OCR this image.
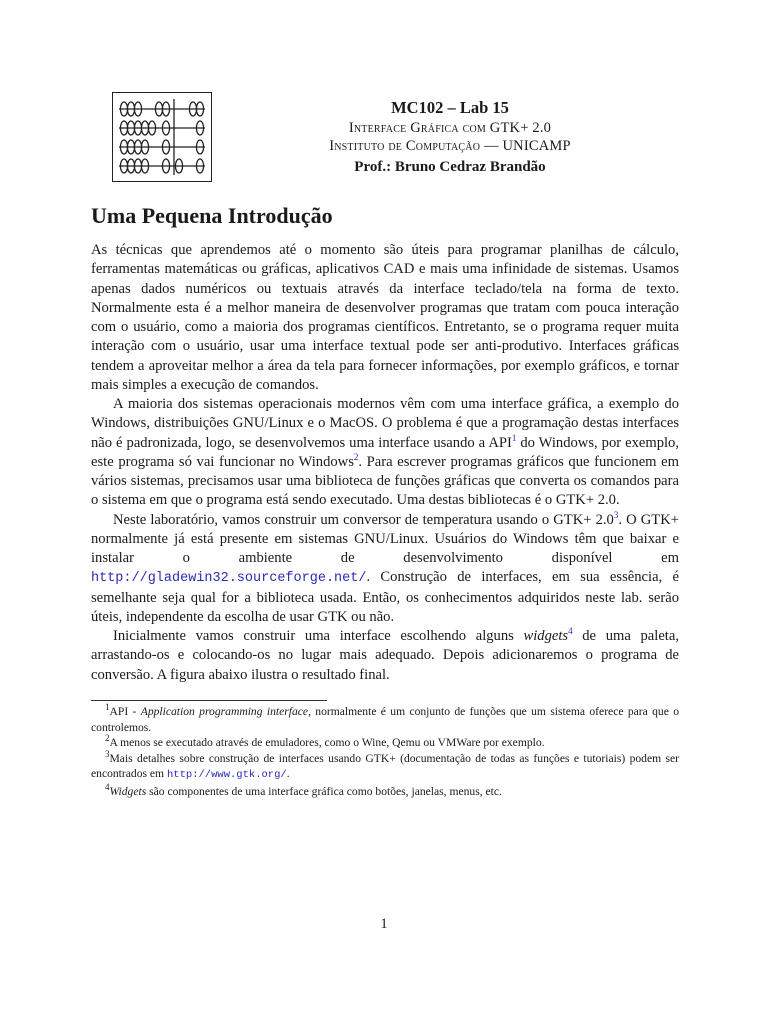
MC102 – Lab 15
Interface Gráfica com GTK+ 2.0
Instituto de Computação — UNICAMP
Prof.: Bruno Cedraz Brandão
Uma Pequena Introdução

As técnicas que aprendemos até o momento são úteis para programar planilhas de cálculo, ferramentas matemáticas ou gráficas, aplicativos CAD e mais uma infinidade de sistemas. Usamos apenas dados numéricos ou textuais através da interface teclado/tela na forma de texto. Normalmente esta é a melhor maneira de desenvolver programas que tratam com pouca interação com o usuário, como a maioria dos programas científicos. Entretanto, se o programa requer muita interação com o usuário, usar uma interface textual pode ser anti-produtivo. Interfaces gráficas tendem a aproveitar melhor a área da tela para fornecer informações, por exemplo gráficos, e tornar mais simples a execução de comandos.

A maioria dos sistemas operacionais modernos vêm com uma interface gráfica, a exemplo do Windows, distribuições GNU/Linux e o MacOS. O problema é que a programação destas interfaces não é padronizada, logo, se desenvolvemos uma interface usando a API$^1$ do Windows, por exemplo, este programa só vai funcionar no Windows$^2$. Para escrever programas gráficos que funcionem em vários sistemas, precisamos usar uma biblioteca de funções gráficas que converta os comandos para o sistema em que o programa está sendo executado. Uma destas bibliotecas é o GTK+ 2.0.

Neste laboratório, vamos construir um conversor de temperatura usando o GTK+ 2.0$^3$. O GTK+ normalmente já está presente em sistemas GNU/Linux. Usuários do Windows têm que baixar e instalar o ambiente de desenvolvimento disponível em http://gladewin32.sourceforge.net/. Construção de interfaces, em sua essência, é semelhante seja qual for a biblioteca usada. Então, os conhecimentos adquiridos neste lab. serão úteis, independente da escolha de usar GTK ou não.

Inicialmente vamos construir uma interface escolhendo alguns widgets$^4$ de uma paleta, arrastando-os e colocando-os no lugar mais adequado. Depois adicionaremos o programa de conversão. A figura abaixo ilustra o resultado final.

$^1$API - Application programming interface, normalmente é um conjunto de funções que um sistema oferece para que o controlemos.

$^2$A menos se executado através de emuladores, como o Wine, Qemu ou VMWare por exemplo.

$^3$Mais detalhes sobre construção de interfaces usando GTK+ (documentação de todas as funções e tutoriais) podem ser encontrados em http://www.gtk.org/.

$^4$Widgets são componentes de uma interface gráfica como botões, janelas, menus, etc.

1
